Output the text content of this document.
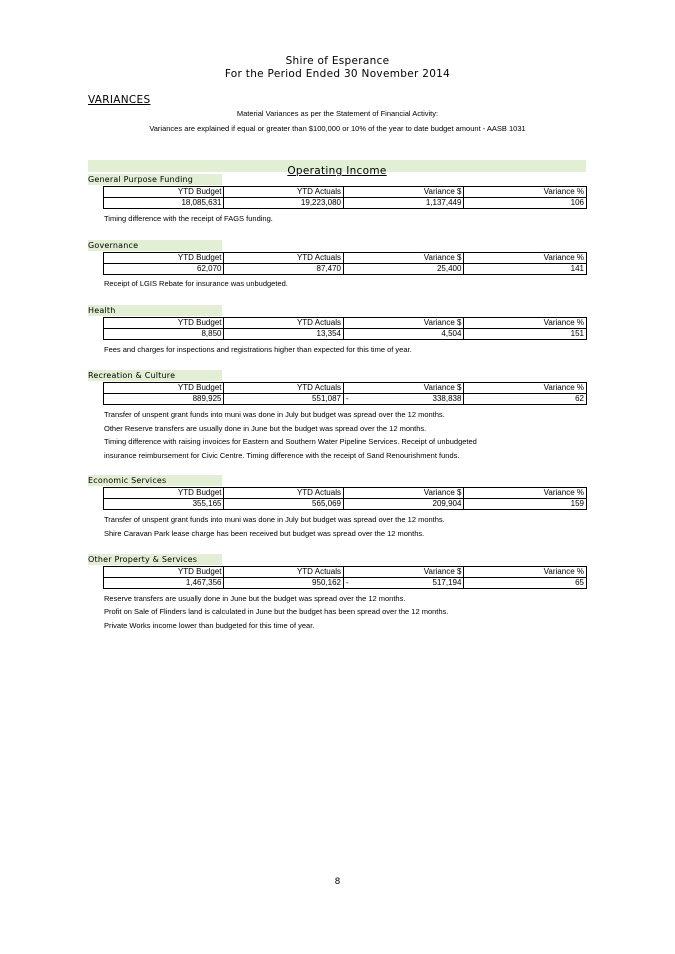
Shire of Esperance
For the Period Ended 30 November 2014
VARIANCES
Material Variances as per the Statement of Financial Activity:
Variances are explained if equal or greater than $100,000 or 10% of the year to date budget amount - AASB 1031
Operating Income
General Purpose Funding
YTD Budget	YTD Actuals	Variance $	Variance %
18,085,631	19,223,080	1,137,449	106
Timing difference with the receipt of FAGS funding.
Governance
YTD Budget	YTD Actuals	Variance $	Variance %
62,070	87,470	25,400	141
Receipt of LGIS Rebate for insurance was unbudgeted.
Health
YTD Budget	YTD Actuals	Variance $	Variance %
8,850	13,354	4,504	151
Fees and charges for inspections and registrations higher than expected for this time of year.
Recreation & Culture
YTD Budget	YTD Actuals	Variance $	Variance %
889,925	551,087	- 338,838	62
Transfer of unspent grant funds into muni was done in July but budget was spread over the 12 months.
Other Reserve transfers are usually done in June but the budget was spread over the 12 months.
Timing difference with raising invoices for Eastern and Southern Water Pipeline Services. Receipt of unbudgeted
insurance reimbursement for Civic Centre. Timing difference with the receipt of Sand Renourishment funds.
Economic Services
YTD Budget	YTD Actuals	Variance $	Variance %
355,165	565,069	209,904	159
Transfer of unspent grant funds into muni was done in July but budget was spread over the 12 months.
Shire Caravan Park lease charge has been received but budget was spread over the 12 months.
Other Property & Services
YTD Budget	YTD Actuals	Variance $	Variance %
1,467,356	950,162	- 517,194	65
Reserve transfers are usually done in June but the budget was spread over the 12 months.
Profit on Sale of Flinders land is calculated in June but the budget has been spread over the 12 months.
Private Works income lower than budgeted for this time of year.
8
